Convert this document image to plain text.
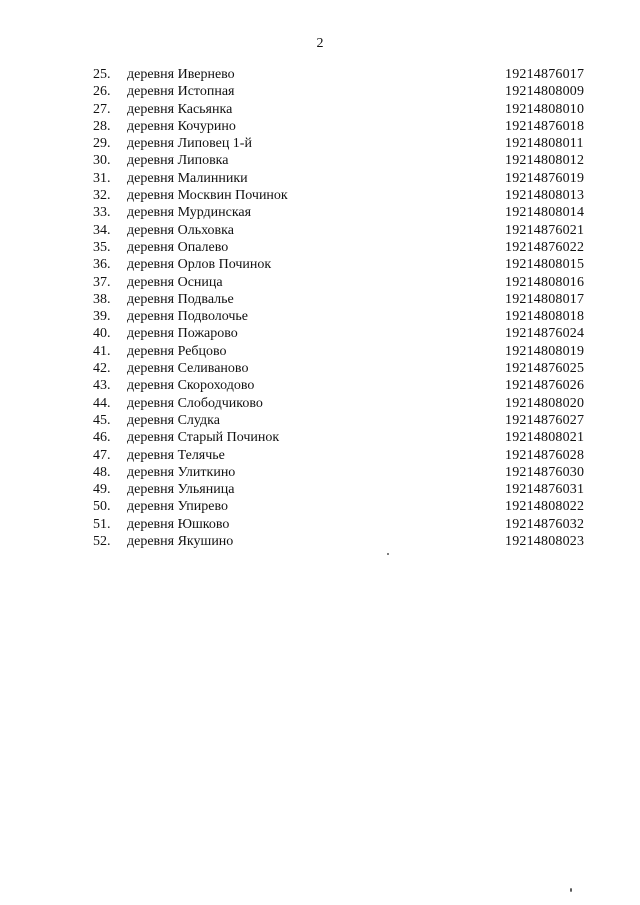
2
25.	деревня Ивернево	19214876017
26.	деревня Истопная	19214808009
27.	деревня Касьянка	19214808010
28.	деревня Кочурино	19214876018
29.	деревня Липовец 1-й	19214808011
30.	деревня Липовка	19214808012
31.	деревня Малинники	19214876019
32.	деревня Москвин Починок	19214808013
33.	деревня Мурдинская	19214808014
34.	деревня Ольховка	19214876021
35.	деревня Опалево	19214876022
36.	деревня Орлов Починок	19214808015
37.	деревня Осница	19214808016
38.	деревня Подвалье	19214808017
39.	деревня Подволочье	19214808018
40.	деревня Пожарово	19214876024
41.	деревня Ребцово	19214808019
42.	деревня Селиваново	19214876025
43.	деревня Скороходово	19214876026
44.	деревня Слободчиково	19214808020
45.	деревня Слудка	19214876027
46.	деревня Старый Починок	19214808021
47.	деревня Телячье	19214876028
48.	деревня Улиткино	19214876030
49.	деревня Ульяница	19214876031
50.	деревня Упирево	19214808022
51.	деревня Юшково	19214876032
52.	деревня Якушино	19214808023
